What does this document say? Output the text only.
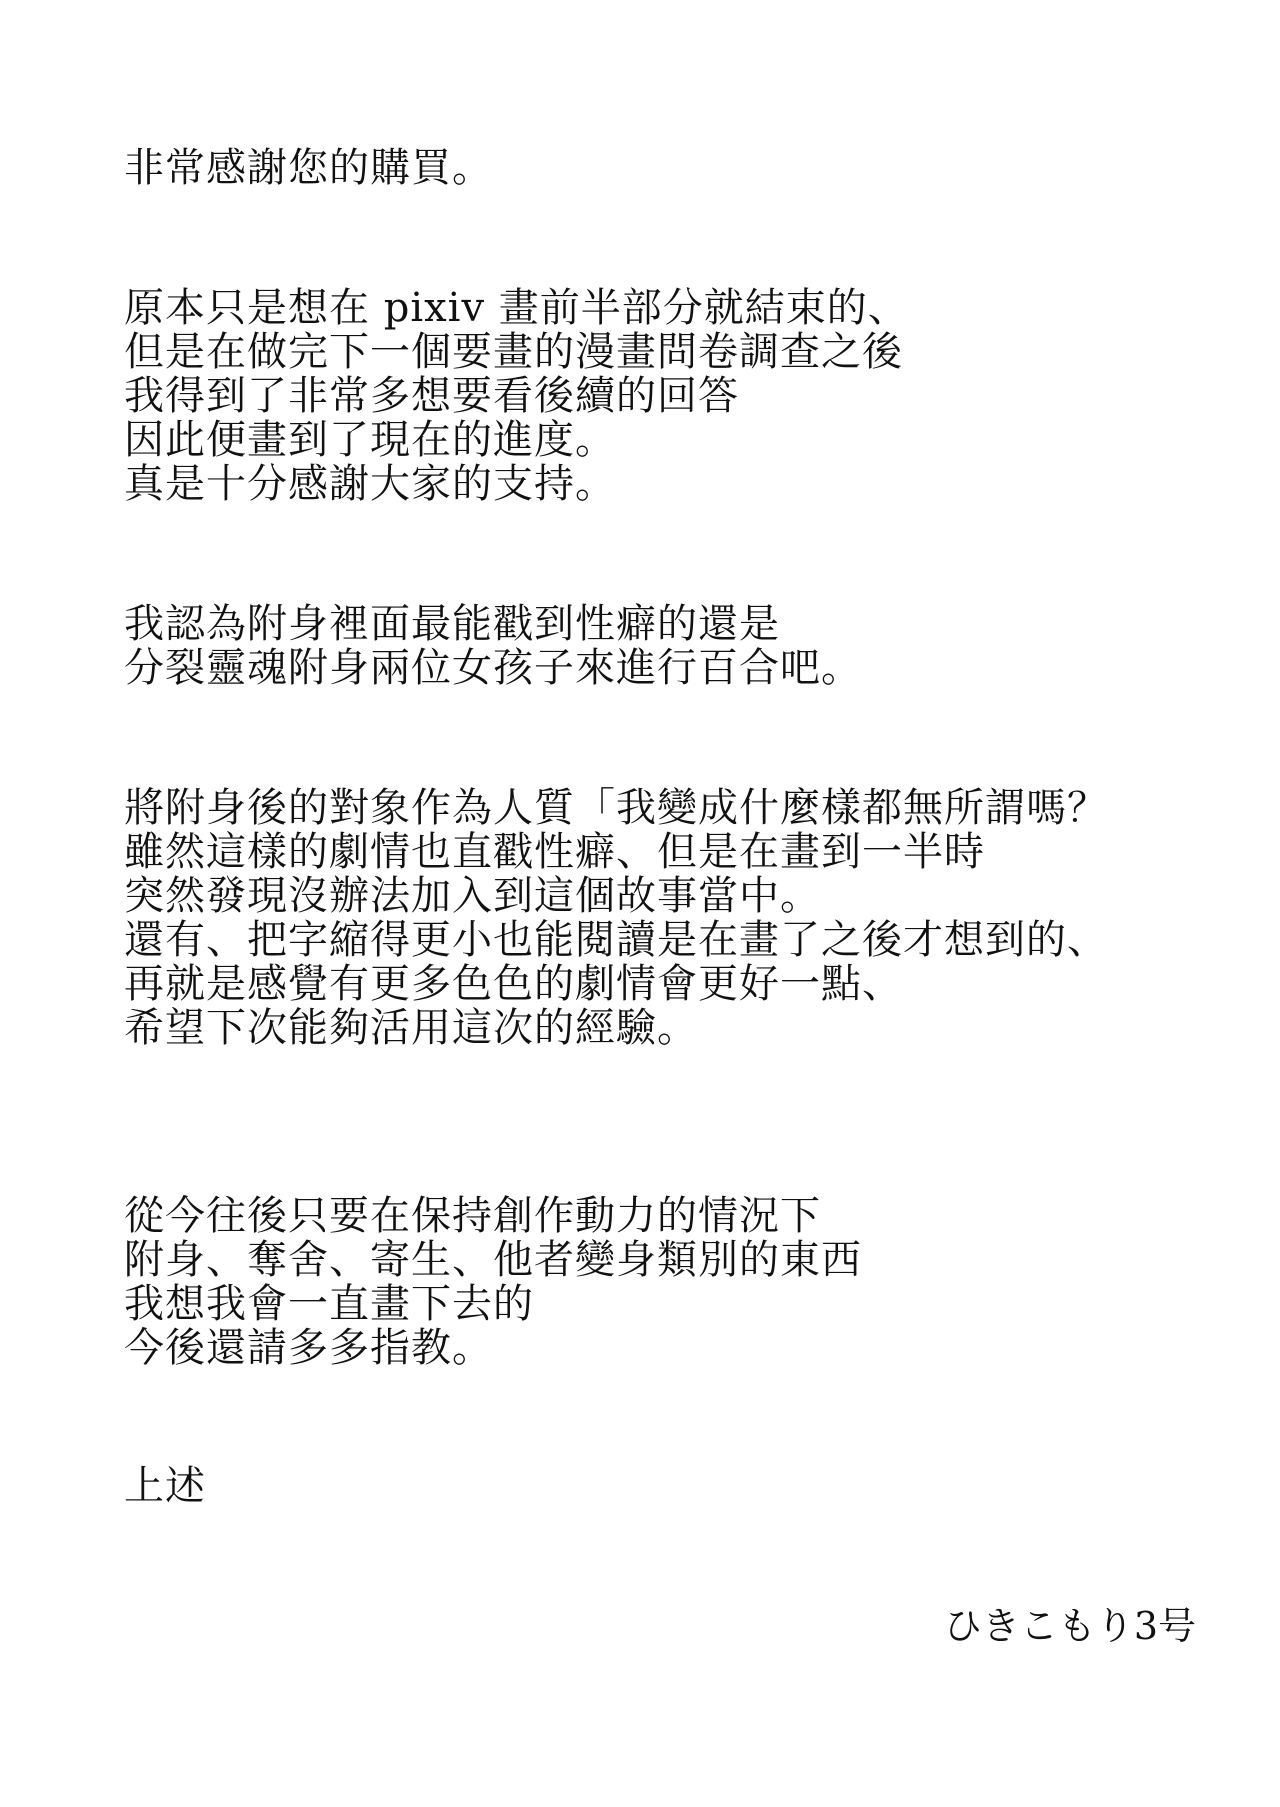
非常感謝您的購買。
原本只是想在 pixiv 畫前半部分就結束的、
但是在做完下一個要畫的漫畫問卷調查之後
我得到了非常多想要看後續的回答
因此便畫到了現在的進度。
真是十分感謝大家的支持。
我認為附身裡面最能戳到性癖的還是
分裂靈魂附身兩位女孩子來進行百合吧。
將附身後的對象作為人質「我變成什麼樣都無所謂嗎？
雖然這樣的劇情也直戳性癖、但是在畫到一半時
突然發現沒辦法加入到這個故事當中。
還有、把字縮得更小也能閱讀是在畫了之後才想到的、
再就是感覺有更多色色的劇情會更好一點、
希望下次能夠活用這次的經驗。
從今往後只要在保持創作動力的情況下
附身、奪舍、寄生、他者變身類別的東西
我想我會一直畫下去的
今後還請多多指教。
上述
ひきこもり3号
